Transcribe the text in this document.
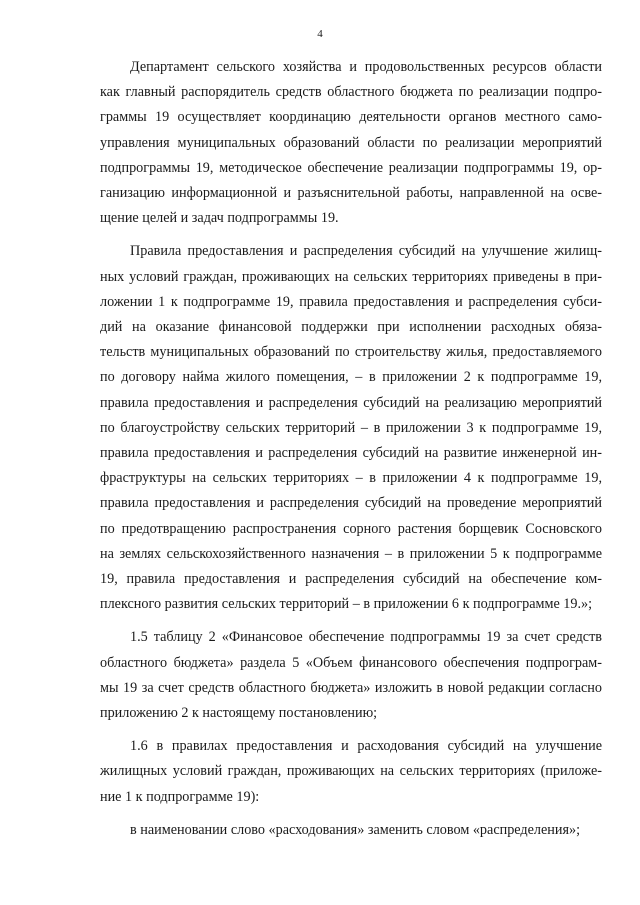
4

Департамент сельского хозяйства и продовольственных ресурсов области
как главный распорядитель средств областного бюджета по реализации подпро-
граммы 19 осуществляет координацию деятельности органов местного само-
управления муниципальных образований области по реализации мероприятий
подпрограммы 19, методическое обеспечение реализации подпрограммы 19, ор-
ганизацию информационной и разъяснительной работы, направленной на осве-
щение целей и задач подпрограммы 19.

Правила предоставления и распределения субсидий на улучшение жилищ-
ных условий граждан, проживающих на сельских территориях приведены в при-
ложении 1 к подпрограмме 19, правила предоставления и распределения субси-
дий на оказание финансовой поддержки при исполнении расходных обяза-
тельств муниципальных образований по строительству жилья, предоставляемого
по договору найма жилого помещения, – в приложении 2 к подпрограмме 19,
правила предоставления и распределения субсидий на реализацию мероприятий
по благоустройству сельских территорий – в приложении 3 к подпрограмме 19,
правила предоставления и распределения субсидий на развитие инженерной ин-
фраструктуры на сельских территориях – в приложении 4 к подпрограмме 19,
правила предоставления и распределения субсидий на проведение мероприятий
по предотвращению распространения сорного растения борщевик Сосновского
на землях сельскохозяйственного назначения – в приложении 5 к подпрограмме
19, правила предоставления и распределения субсидий на обеспечение ком-
плексного развития сельских территорий – в приложении 6 к подпрограмме 19.»;

1.5 таблицу 2 «Финансовое обеспечение подпрограммы 19 за счет средств
областного бюджета» раздела 5 «Объем финансового обеспечения подпрограм-
мы 19 за счет средств областного бюджета» изложить в новой редакции согласно
приложению 2 к настоящему постановлению;

1.6 в правилах предоставления и расходования субсидий на улучшение
жилищных условий граждан, проживающих на сельских территориях (приложе-
ние 1 к подпрограмме 19):

в наименовании слово «расходования» заменить словом «распределения»;
